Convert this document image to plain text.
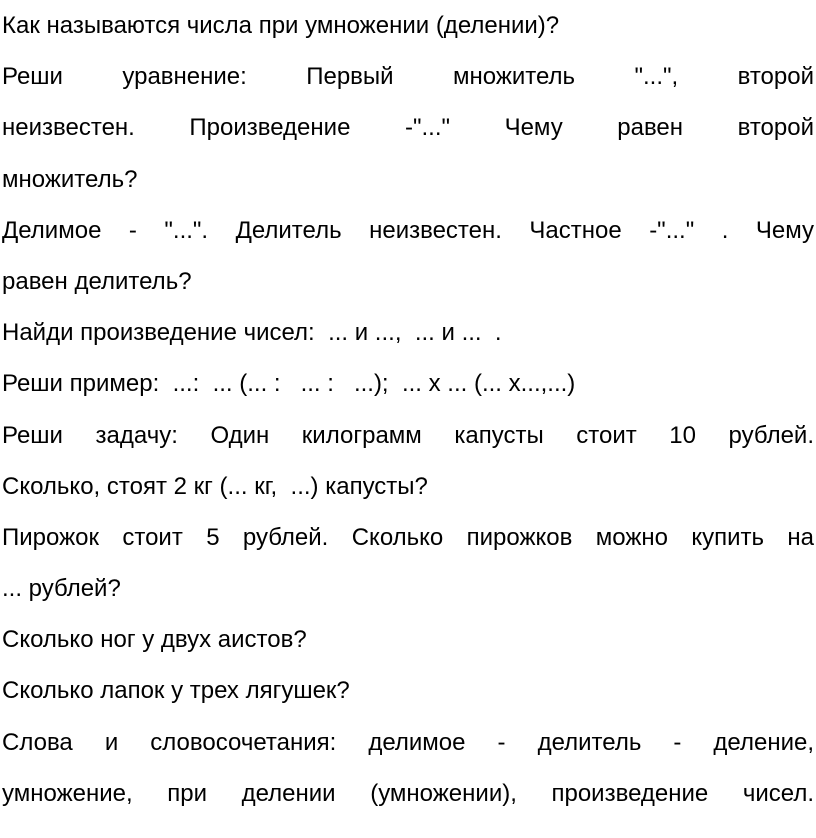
Как называются числа при умножении (делении)?
Реши уравнение: Первый множитель "...", второй
неизвестен. Произведение -"..." Чему равен второй
множитель?
Делимое - "...". Делитель неизвестен. Частное -"..." . Чему
равен делитель?
Найди произведение чисел:  ... и ...,  ... и ...  .
Реши пример:  ...:  ... (... :   ... :   ...);  ... х ... (... х...,...)
Реши задачу: Один килограмм капусты стоит 10 рублей.
Сколько, стоят 2 кг (... кг,  ...) капусты?
Пирожок стоит 5 рублей. Сколько пирожков можно купить на
... рублей?
Сколько ног у двух аистов?
Сколько лапок у трех лягушек?
Слова и словосочетания: делимое - делитель - деление,
умножение, при делении (умножении), произведение чисел.
